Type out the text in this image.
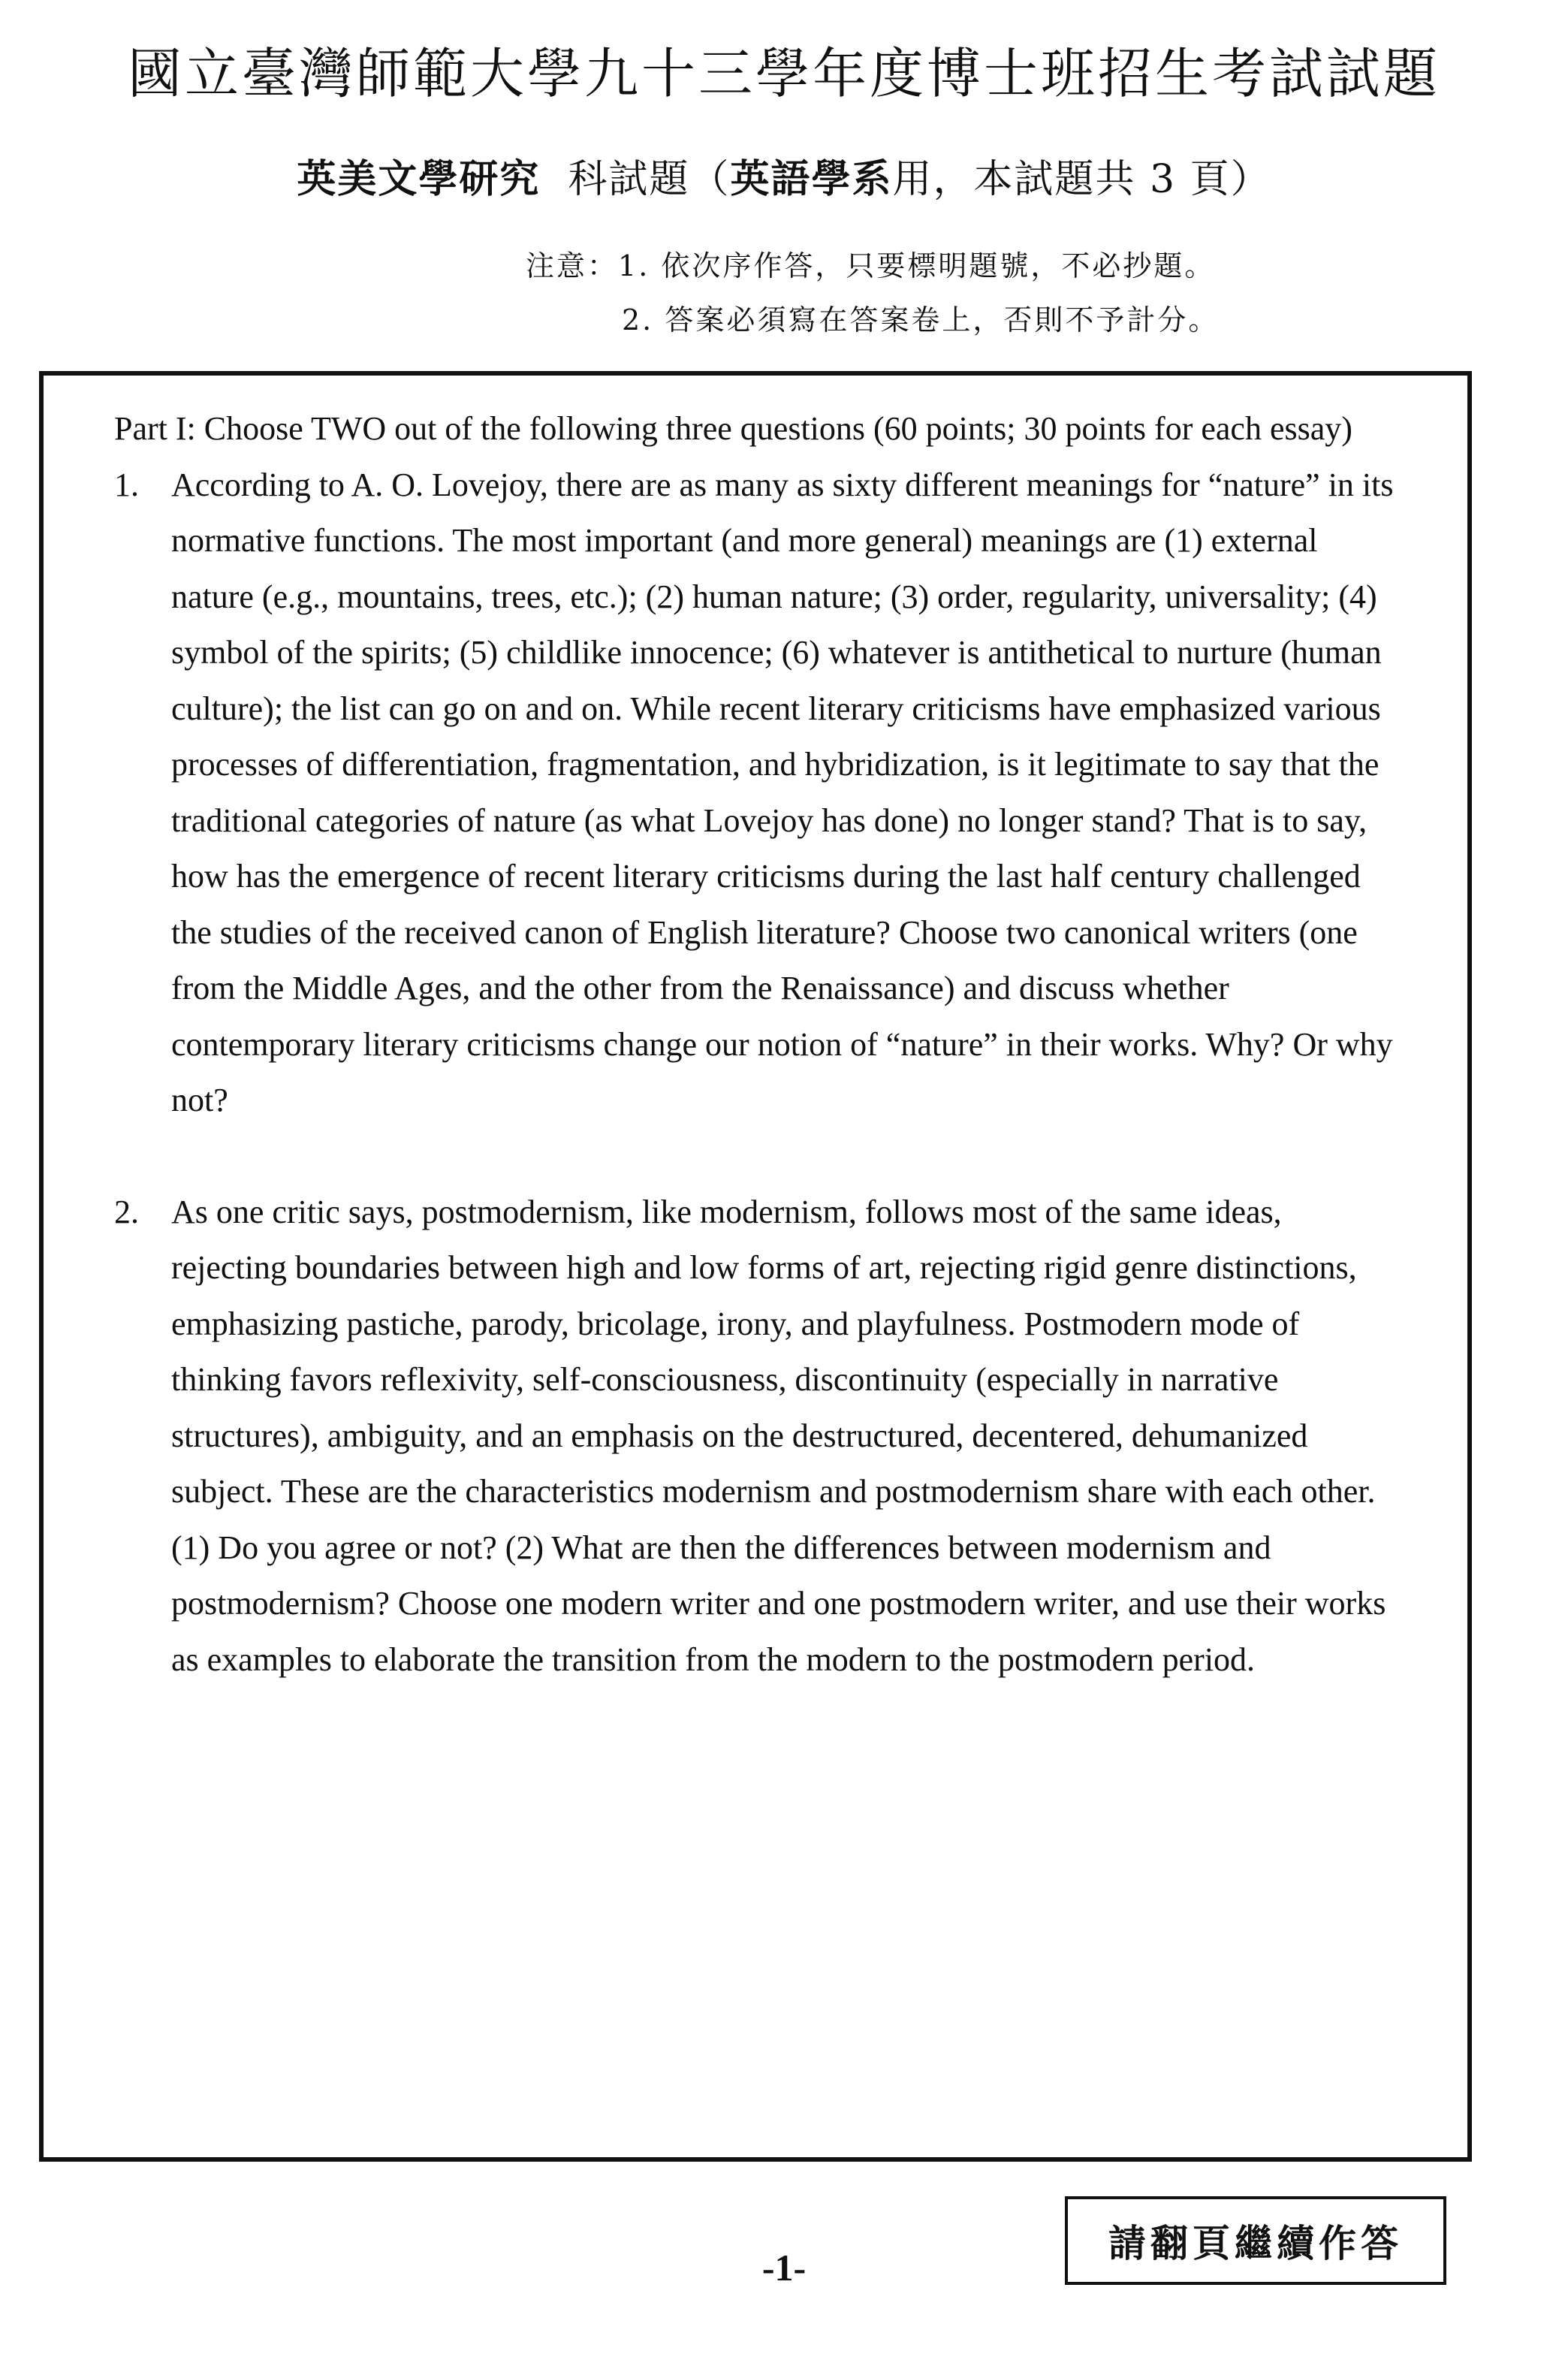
國立臺灣師範大學九十三學年度博士班招生考試試題
英美文學研究 科試題（英語學系用，本試題共 3 頁）
注意：1. 依次序作答，只要標明題號，不必抄題。
2. 答案必須寫在答案卷上，否則不予計分。

Part I: Choose TWO out of the following three questions (60 points; 30 points for each essay)

1. According to A. O. Lovejoy, there are as many as sixty different meanings for “nature” in its normative functions. The most important (and more general) meanings are (1) external nature (e.g., mountains, trees, etc.); (2) human nature; (3) order, regularity, universality; (4) symbol of the spirits; (5) childlike innocence; (6) whatever is antithetical to nurture (human culture); the list can go on and on. While recent literary criticisms have emphasized various processes of differentiation, fragmentation, and hybridization, is it legitimate to say that the traditional categories of nature (as what Lovejoy has done) no longer stand? That is to say, how has the emergence of recent literary criticisms during the last half century challenged the studies of the received canon of English literature? Choose two canonical writers (one from the Middle Ages, and the other from the Renaissance) and discuss whether contemporary literary criticisms change our notion of “nature” in their works. Why? Or why not?
2. As one critic says, postmodernism, like modernism, follows most of the same ideas, rejecting boundaries between high and low forms of art, rejecting rigid genre distinctions, emphasizing pastiche, parody, bricolage, irony, and playfulness. Postmodern mode of thinking favors reflexivity, self-consciousness, discontinuity (especially in narrative structures), ambiguity, and an emphasis on the destructured, decentered, dehumanized subject. These are the characteristics modernism and postmodernism share with each other. (1) Do you agree or not? (2) What are then the differences between modernism and postmodernism? Choose one modern writer and one postmodern writer, and use their works as examples to elaborate the transition from the modern to the postmodern period.
-1-
請翻頁繼續作答
